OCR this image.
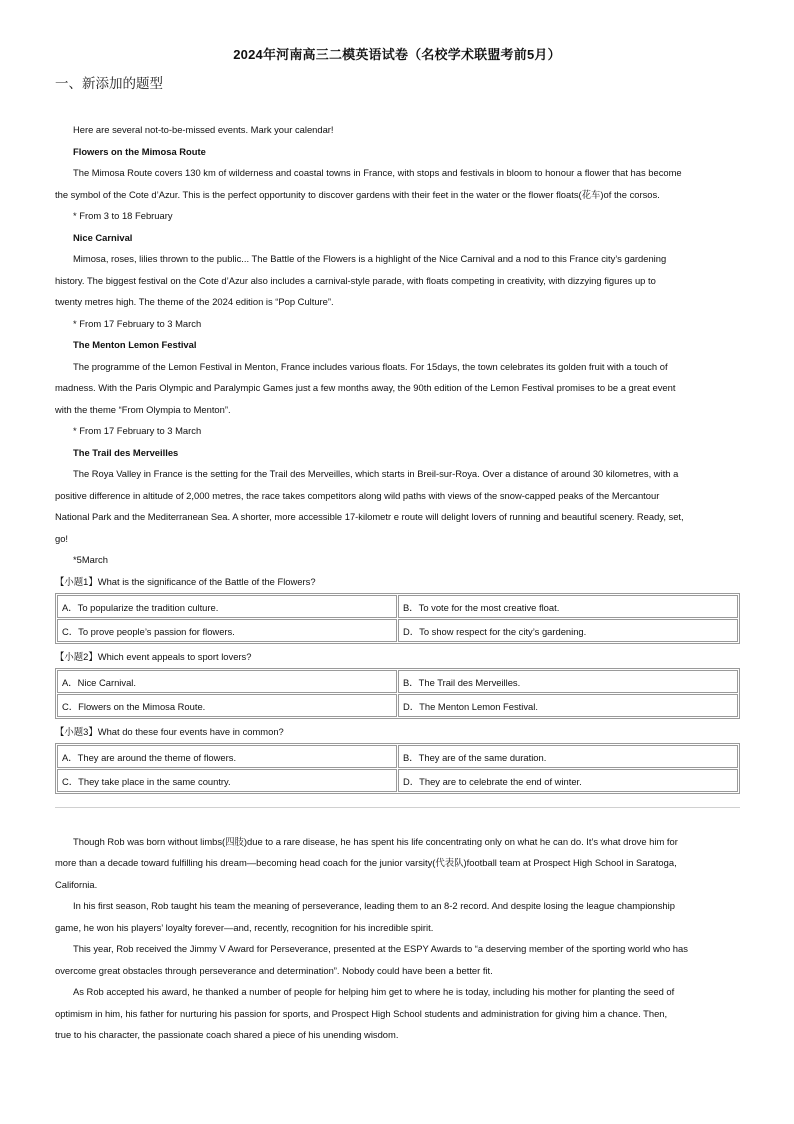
2024年河南高三二模英语试卷（名校学术联盟考前5月）
一、新添加的题型
Here are several not-to-be-missed events. Mark your calendar!
Flowers on the Mimosa Route
The Mimosa Route covers 130 km of wilderness and coastal towns in France, with stops and festivals in bloom to honour a flower that has become
the symbol of the Cote d’Azur. This is the perfect opportunity to discover gardens with their feet in the water or the flower floats(花车)of the corsos.
* From 3 to 18 February
Nice Carnival
Mimosa, roses, lilies thrown to the public... The Battle of the Flowers is a highlight of the Nice Carnival and a nod to this France city’s gardening
history. The biggest festival on the Cote d’Azur also includes a carnival-style parade, with floats competing in creativity, with dizzying figures up to
twenty metres high. The theme of the 2024 edition is “Pop Culture”.
* From 17 February to 3 March
The Menton Lemon Festival
The programme of the Lemon Festival in Menton, France includes various floats. For 15days, the town celebrates its golden fruit with a touch of
madness. With the Paris Olympic and Paralympic Games just a few months away, the 90th edition of the Lemon Festival promises to be a great event
with the theme “From Olympia to Menton”.
* From 17 February to 3 March
The Trail des Merveilles
The Roya Valley in France is the setting for the Trail des Merveilles, which starts in Breil-sur-Roya. Over a distance of around 30 kilometres, with a
positive difference in altitude of 2,000 metres, the race takes competitors along wild paths with views of the snow-capped peaks of the Mercantour
National Park and the Mediterranean Sea. A shorter, more accessible 17-kilometr e route will delight lovers of running and beautiful scenery. Ready, set,
go!
*5March
【小题1】What is the significance of the Battle of the Flowers?
A．To popularize the tradition culture.	B．To vote for the most creative float.
C．To prove people’s passion for flowers.	D．To show respect for the city’s gardening.
【小题2】Which event appeals to sport lovers?
A．Nice Carnival.	B．The Trail des Merveilles.
C．Flowers on the Mimosa Route.	D．The Menton Lemon Festival.
【小题3】What do these four events have in common?
A．They are around the theme of flowers.	B．They are of the same duration.
C．They take place in the same country.	D．They are to celebrate the end of winter.
Though Rob was born without limbs(四肢)due to a rare disease, he has spent his life concentrating only on what he can do. It’s what drove him for
more than a decade toward fulfilling his dream—becoming head coach for the junior varsity(代表队)football team at Prospect High School in Saratoga,
California.
In his first season, Rob taught his team the meaning of perseverance, leading them to an 8-2 record. And despite losing the league championship
game, he won his players’ loyalty forever—and, recently, recognition for his incredible spirit.
This year, Rob received the Jimmy V Award for Perseverance, presented at the ESPY Awards to “a deserving member of the sporting world who has
overcome great obstacles through perseverance and determination”. Nobody could have been a better fit.
As Rob accepted his award, he thanked a number of people for helping him get to where he is today, including his mother for planting the seed of
optimism in him, his father for nurturing his passion for sports, and Prospect High School students and administration for giving him a chance. Then,
true to his character, the passionate coach shared a piece of his unending wisdom.
